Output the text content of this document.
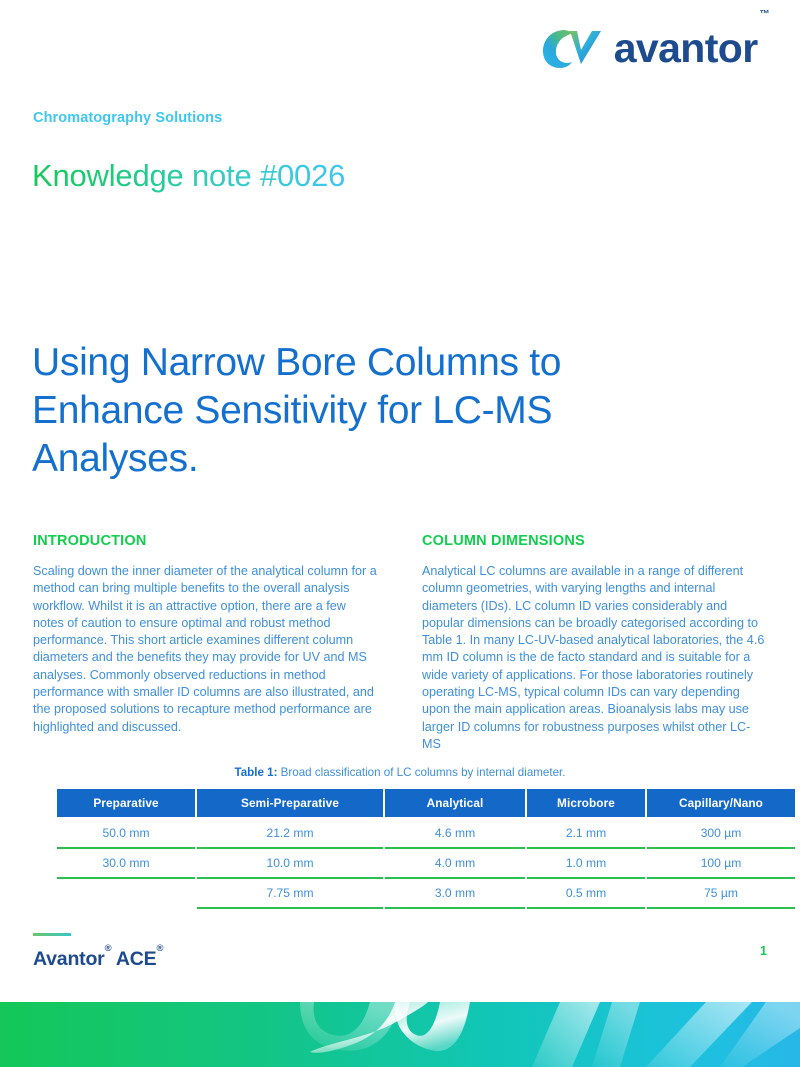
avantor™
Chromatography Solutions
Knowledge note #0026
Using Narrow Bore Columns to Enhance Sensitivity for LC-MS Analyses.
INTRODUCTION

Scaling down the inner diameter of the analytical column for a method can bring multiple benefits to the overall analysis workflow. Whilst it is an attractive option, there are a few notes of caution to ensure optimal and robust method performance. This short article examines different column diameters and the benefits they may provide for UV and MS analyses. Commonly observed reductions in method performance with smaller ID columns are also illustrated, and the proposed solutions to recapture method performance are highlighted and discussed.

COLUMN DIMENSIONS

Analytical LC columns are available in a range of different column geometries, with varying lengths and internal diameters (IDs). LC column ID varies considerably and popular dimensions can be broadly categorised according to Table 1. In many LC-UV-based analytical laboratories, the 4.6 mm ID column is the de facto standard and is suitable for a wide variety of applications. For those laboratories routinely operating LC-MS, typical column IDs can vary depending upon the main application areas. Bioanalysis labs may use larger ID columns for robustness purposes whilst other LC-MS

Table 1: Broad classification of LC columns by internal diameter.
Preparative	Semi-Preparative	Analytical	Microbore	Capillary/Nano
50.0 mm	21.2 mm	4.6 mm	2.1 mm	300 µm
30.0 mm	10.0 mm	4.0 mm	1.0 mm	100 µm
	7.75 mm	3.0 mm	0.5 mm	75 µm
Avantor® ACE®	1
